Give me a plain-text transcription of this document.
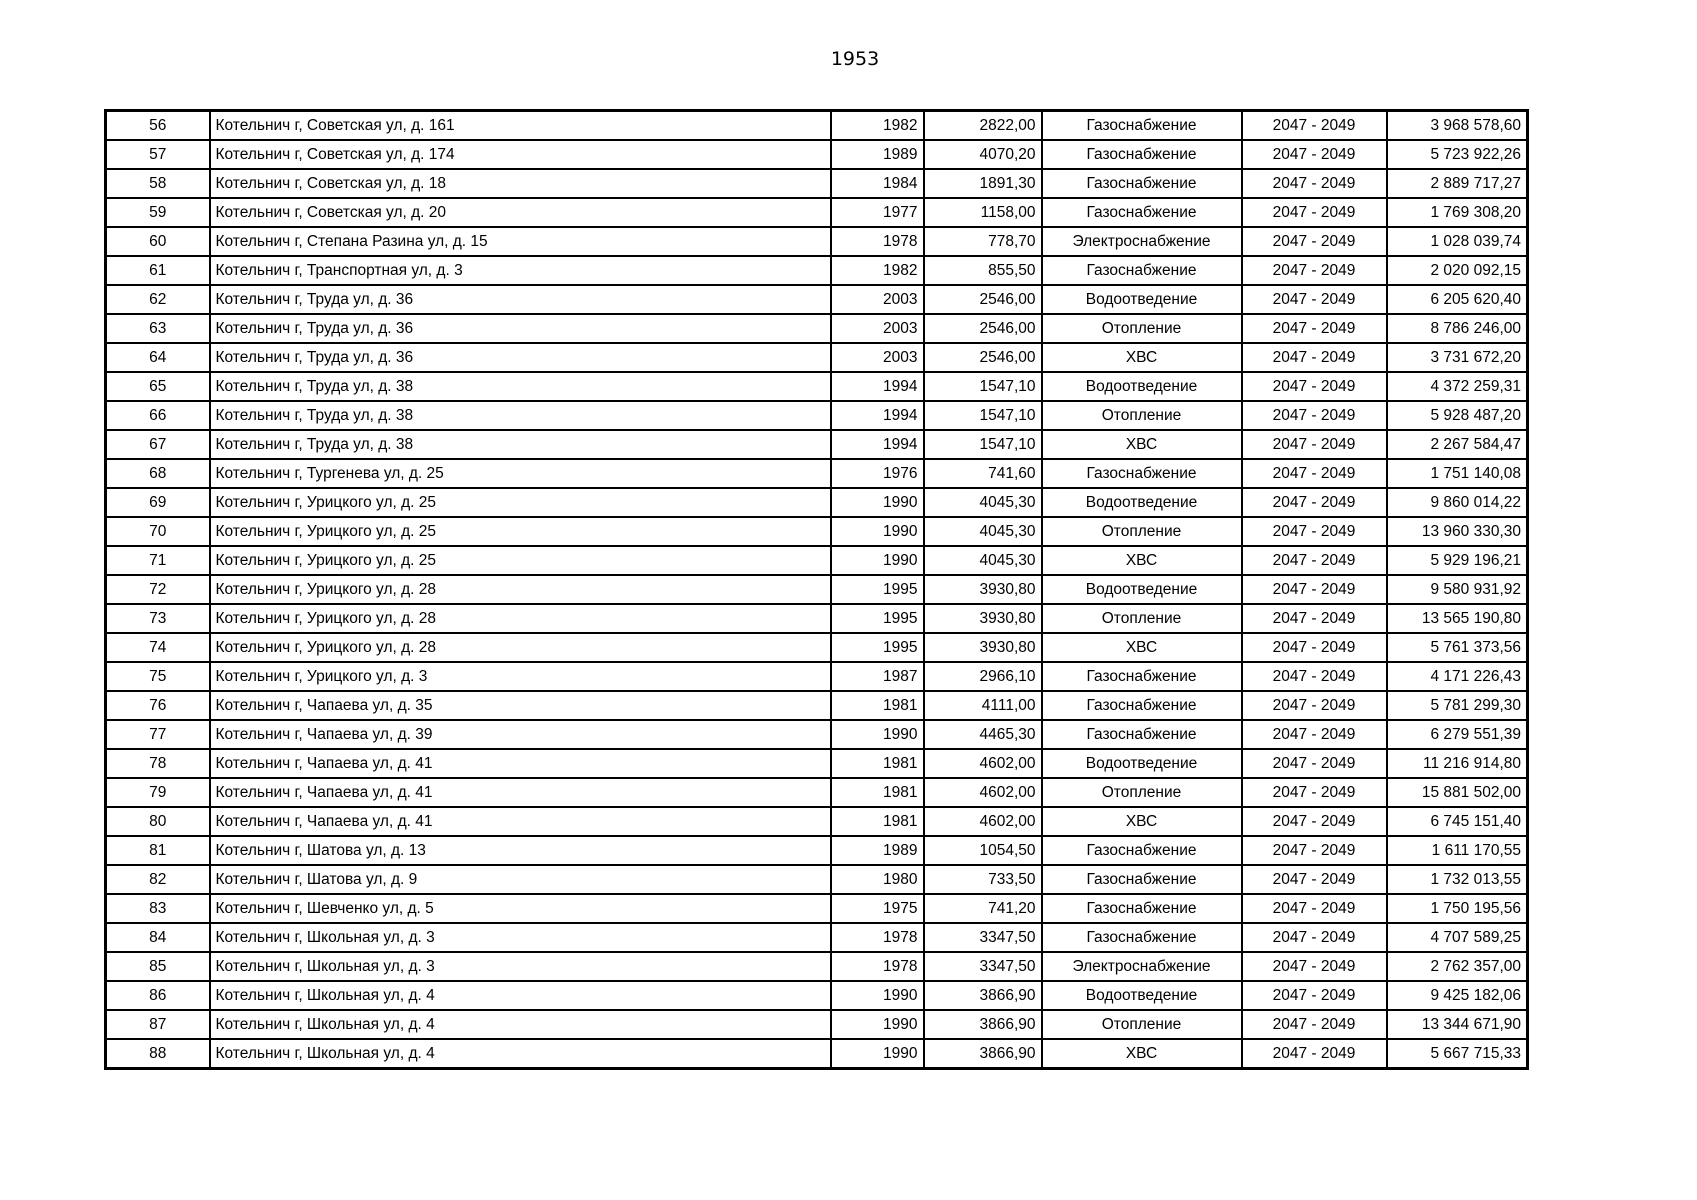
1953
56	Котельнич г, Советская ул, д. 161	1982	2822,00	Газоснабжение	2047 - 2049	3 968 578,60
57	Котельнич г, Советская ул, д. 174	1989	4070,20	Газоснабжение	2047 - 2049	5 723 922,26
58	Котельнич г, Советская ул, д. 18	1984	1891,30	Газоснабжение	2047 - 2049	2 889 717,27
59	Котельнич г, Советская ул, д. 20	1977	1158,00	Газоснабжение	2047 - 2049	1 769 308,20
60	Котельнич г, Степана Разина ул, д. 15	1978	778,70	Электроснабжение	2047 - 2049	1 028 039,74
61	Котельнич г, Транспортная ул, д. 3	1982	855,50	Газоснабжение	2047 - 2049	2 020 092,15
62	Котельнич г, Труда ул, д. 36	2003	2546,00	Водоотведение	2047 - 2049	6 205 620,40
63	Котельнич г, Труда ул, д. 36	2003	2546,00	Отопление	2047 - 2049	8 786 246,00
64	Котельнич г, Труда ул, д. 36	2003	2546,00	ХВС	2047 - 2049	3 731 672,20
65	Котельнич г, Труда ул, д. 38	1994	1547,10	Водоотведение	2047 - 2049	4 372 259,31
66	Котельнич г, Труда ул, д. 38	1994	1547,10	Отопление	2047 - 2049	5 928 487,20
67	Котельнич г, Труда ул, д. 38	1994	1547,10	ХВС	2047 - 2049	2 267 584,47
68	Котельнич г, Тургенева ул, д. 25	1976	741,60	Газоснабжение	2047 - 2049	1 751 140,08
69	Котельнич г, Урицкого ул, д. 25	1990	4045,30	Водоотведение	2047 - 2049	9 860 014,22
70	Котельнич г, Урицкого ул, д. 25	1990	4045,30	Отопление	2047 - 2049	13 960 330,30
71	Котельнич г, Урицкого ул, д. 25	1990	4045,30	ХВС	2047 - 2049	5 929 196,21
72	Котельнич г, Урицкого ул, д. 28	1995	3930,80	Водоотведение	2047 - 2049	9 580 931,92
73	Котельнич г, Урицкого ул, д. 28	1995	3930,80	Отопление	2047 - 2049	13 565 190,80
74	Котельнич г, Урицкого ул, д. 28	1995	3930,80	ХВС	2047 - 2049	5 761 373,56
75	Котельнич г, Урицкого ул, д. 3	1987	2966,10	Газоснабжение	2047 - 2049	4 171 226,43
76	Котельнич г, Чапаева ул, д. 35	1981	4111,00	Газоснабжение	2047 - 2049	5 781 299,30
77	Котельнич г, Чапаева ул, д. 39	1990	4465,30	Газоснабжение	2047 - 2049	6 279 551,39
78	Котельнич г, Чапаева ул, д. 41	1981	4602,00	Водоотведение	2047 - 2049	11 216 914,80
79	Котельнич г, Чапаева ул, д. 41	1981	4602,00	Отопление	2047 - 2049	15 881 502,00
80	Котельнич г, Чапаева ул, д. 41	1981	4602,00	ХВС	2047 - 2049	6 745 151,40
81	Котельнич г, Шатова ул, д. 13	1989	1054,50	Газоснабжение	2047 - 2049	1 611 170,55
82	Котельнич г, Шатова ул, д. 9	1980	733,50	Газоснабжение	2047 - 2049	1 732 013,55
83	Котельнич г, Шевченко ул, д. 5	1975	741,20	Газоснабжение	2047 - 2049	1 750 195,56
84	Котельнич г, Школьная ул, д. 3	1978	3347,50	Газоснабжение	2047 - 2049	4 707 589,25
85	Котельнич г, Школьная ул, д. 3	1978	3347,50	Электроснабжение	2047 - 2049	2 762 357,00
86	Котельнич г, Школьная ул, д. 4	1990	3866,90	Водоотведение	2047 - 2049	9 425 182,06
87	Котельнич г, Школьная ул, д. 4	1990	3866,90	Отопление	2047 - 2049	13 344 671,90
88	Котельнич г, Школьная ул, д. 4	1990	3866,90	ХВС	2047 - 2049	5 667 715,33
